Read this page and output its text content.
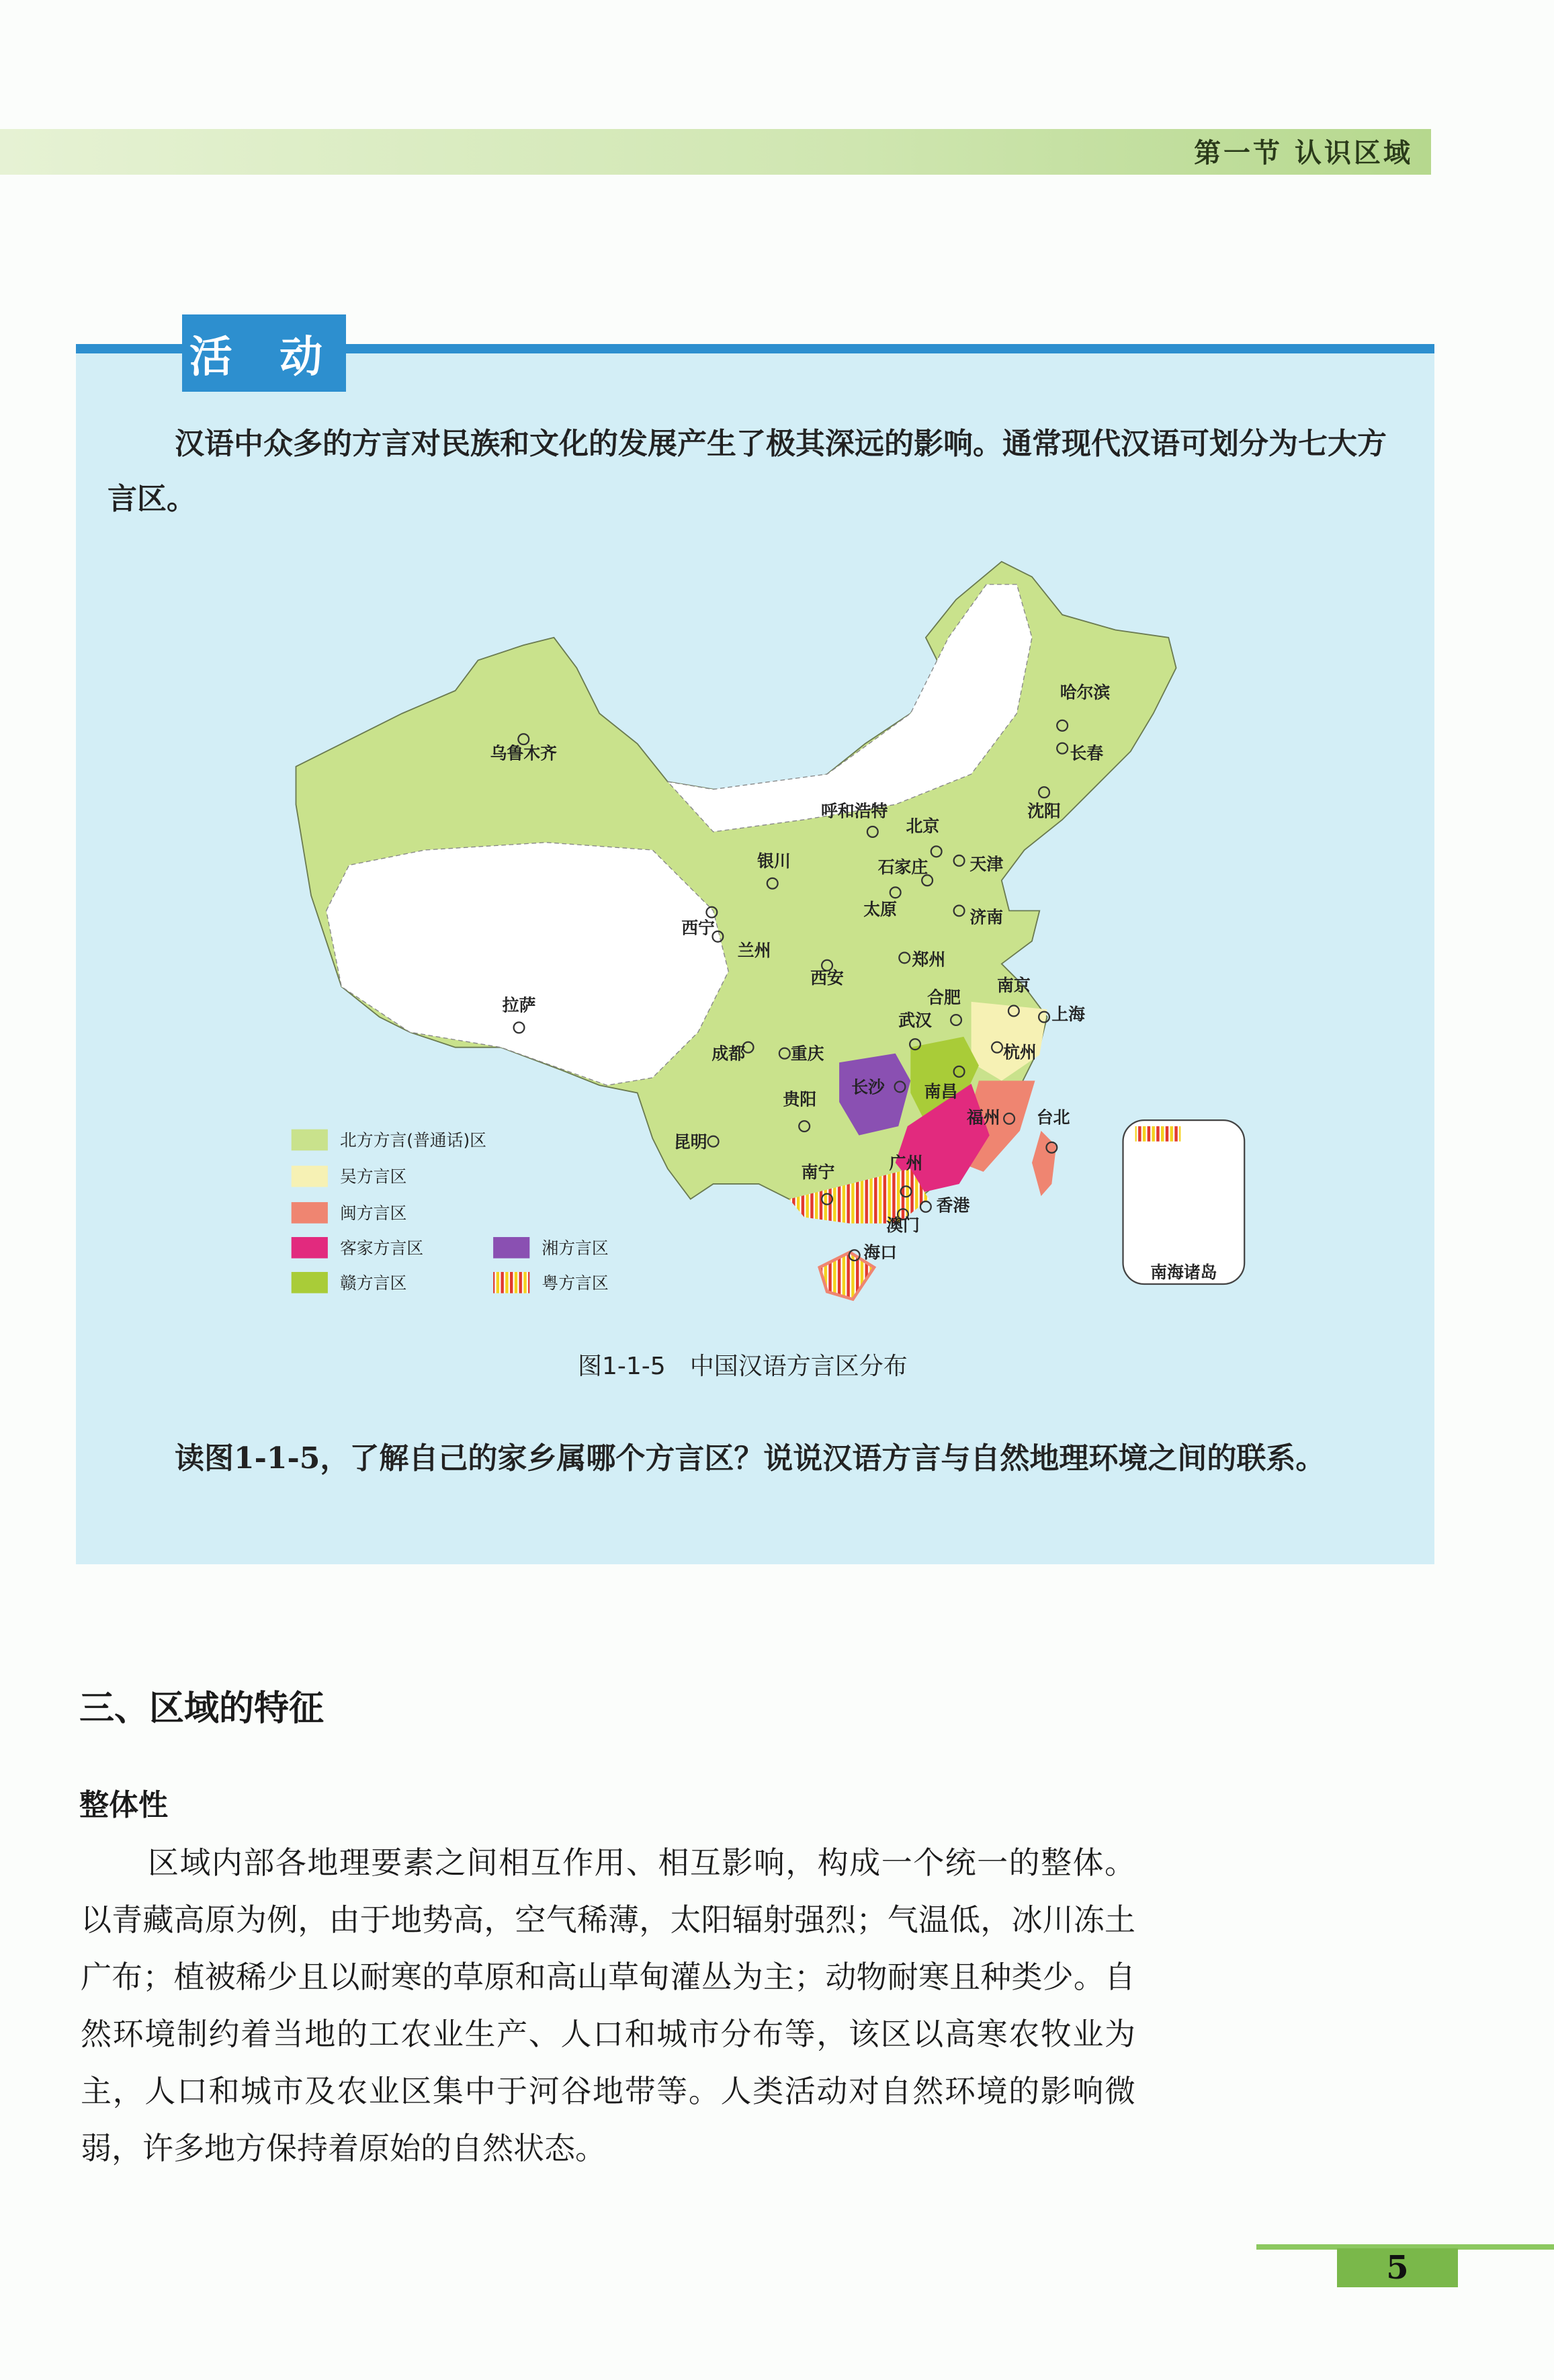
第一节 认识区域
活 动
汉语中众多的方言对民族和文化的发展产生了极其深远的影响。通常现代汉语可划分为七大方言区。
南海诸岛
乌鲁木齐
哈尔滨
长春
沈阳
呼和浩特
北京
天津
石家庄
太原
银川
西宁
兰州
济南
郑州
西安	南京
合肥
上海
武汉
杭州
成都	重庆
拉萨
贵阳
长沙	南昌
福州	台北
昆明
南宁	广州
香港
澳门
海口
北方方言(普通话)区
吴方言区
闽方言区
客家方言区
赣方言区
湘方言区
粤方言区
图1-1-5　中国汉语方言区分布
读图1-1-5，了解自己的家乡属哪个方言区？说说汉语方言与自然地理环境之间的联系。
三、区域的特征
整体性
区域内部各地理要素之间相互作用、相互影响，构成一个统一的整体。以青藏高原为例，由于地势高，空气稀薄，太阳辐射强烈；气温低，冰川冻土广布；植被稀少且以耐寒的草原和高山草甸灌丛为主；动物耐寒且种类少。自然环境制约着当地的工农业生产、人口和城市分布等，该区以高寒农牧业为主，人口和城市及农业区集中于河谷地带等。人类活动对自然环境的影响微弱，许多地方保持着原始的自然状态。
5
